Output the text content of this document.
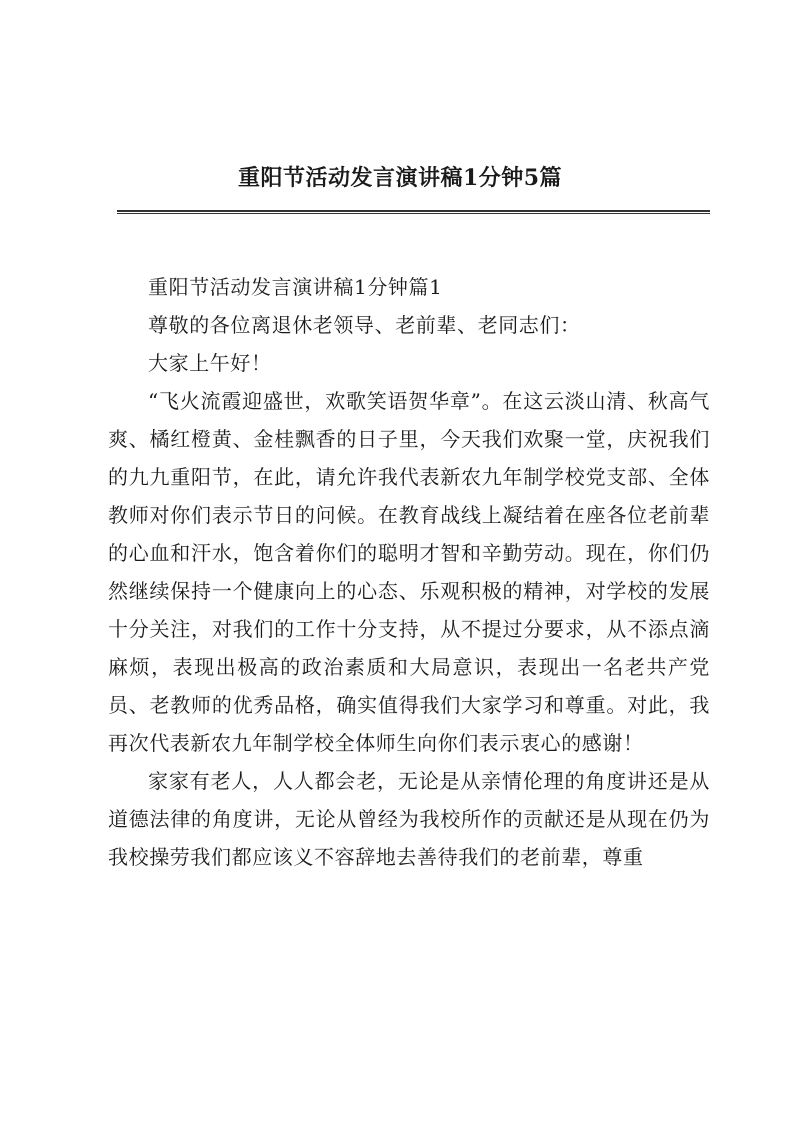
重阳节活动发言演讲稿1分钟5篇

重阳节活动发言演讲稿1分钟篇1

尊敬的各位离退休老领导、老前辈、老同志们：

大家上午好！

“飞火流霞迎盛世，欢歌笑语贺华章”。在这云淡山清、秋高气爽、橘红橙黄、金桂飘香的日子里，今天我们欢聚一堂，庆祝我们的九九重阳节，在此，请允许我代表新农九年制学校党支部、全体教师对你们表示节日的问候。在教育战线上凝结着在座各位老前辈的心血和汗水，饱含着你们的聪明才智和辛勤劳动。现在，你们仍然继续保持一个健康向上的心态、乐观积极的精神，对学校的发展十分关注，对我们的工作十分支持，从不提过分要求，从不添点滴麻烦，表现出极高的政治素质和大局意识，表现出一名老共产党员、老教师的优秀品格，确实值得我们大家学习和尊重。对此，我再次代表新农九年制学校全体师生向你们表示衷心的感谢！

家家有老人，人人都会老，无论是从亲情伦理的角度讲还是从道德法律的角度讲，无论从曾经为我校所作的贡献还是从现在仍为我校操劳我们都应该义不容辞地去善待我们的老前辈，尊重
